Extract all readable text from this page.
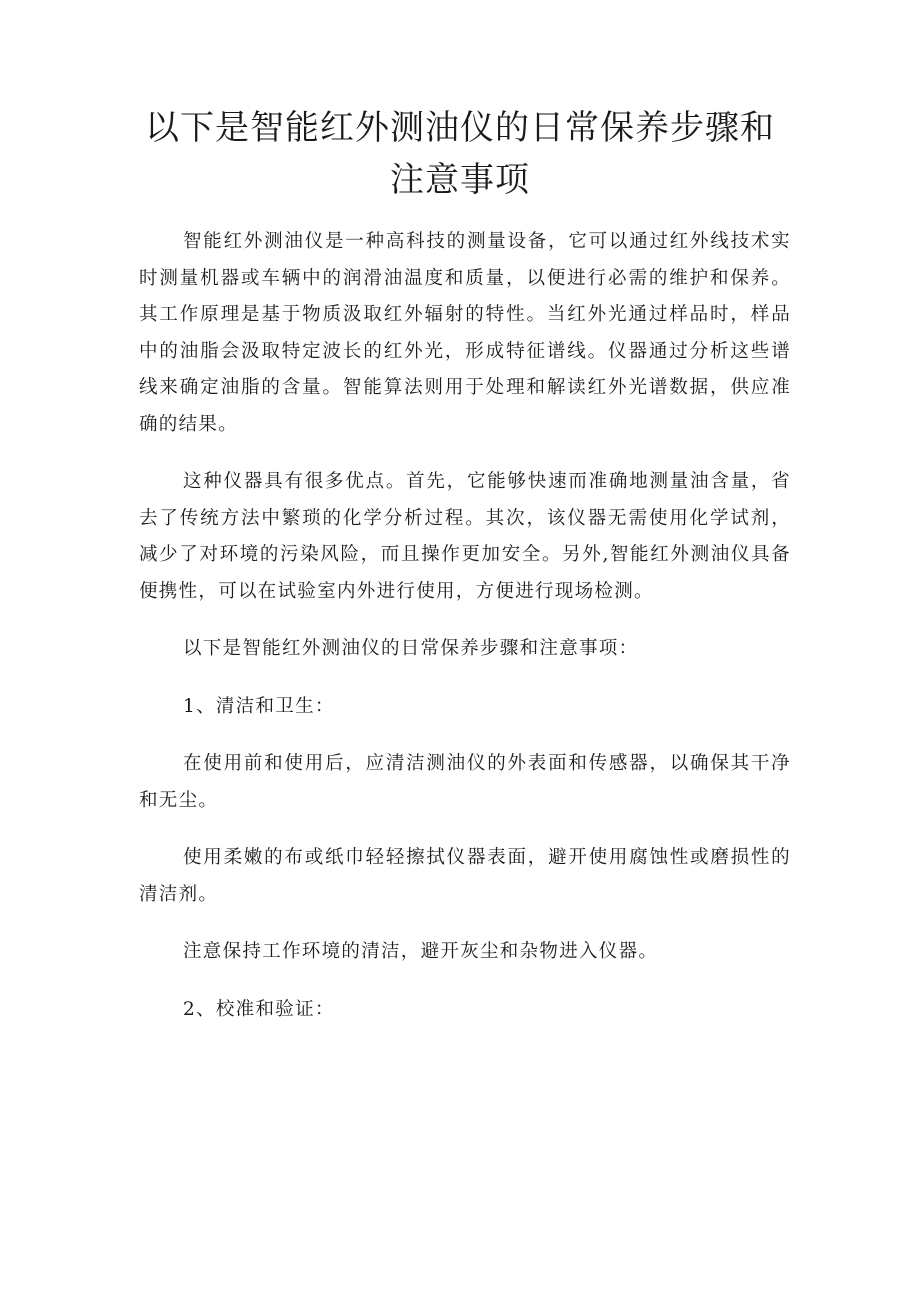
以下是智能红外测油仪的日常保养步骤和注意事项

智能红外测油仪是一种高科技的测量设备，它可以通过红外线技术实时测量机器或车辆中的润滑油温度和质量，以便进行必需的维护和保养。其工作原理是基于物质汲取红外辐射的特性。当红外光通过样品时，样品中的油脂会汲取特定波长的红外光，形成特征谱线。仪器通过分析这些谱线来确定油脂的含量。智能算法则用于处理和解读红外光谱数据，供应准确的结果。

这种仪器具有很多优点。首先，它能够快速而准确地测量油含量，省去了传统方法中繁琐的化学分析过程。其次，该仪器无需使用化学试剂，减少了对环境的污染风险，而且操作更加安全。另外,智能红外测油仪具备便携性，可以在试验室内外进行使用，方便进行现场检测。

以下是智能红外测油仪的日常保养步骤和注意事项：

1、清洁和卫生：

在使用前和使用后，应清洁测油仪的外表面和传感器，以确保其干净和无尘。

使用柔嫩的布或纸巾轻轻擦拭仪器表面，避开使用腐蚀性或磨损性的清洁剂。

注意保持工作环境的清洁，避开灰尘和杂物进入仪器。

2、校准和验证：
